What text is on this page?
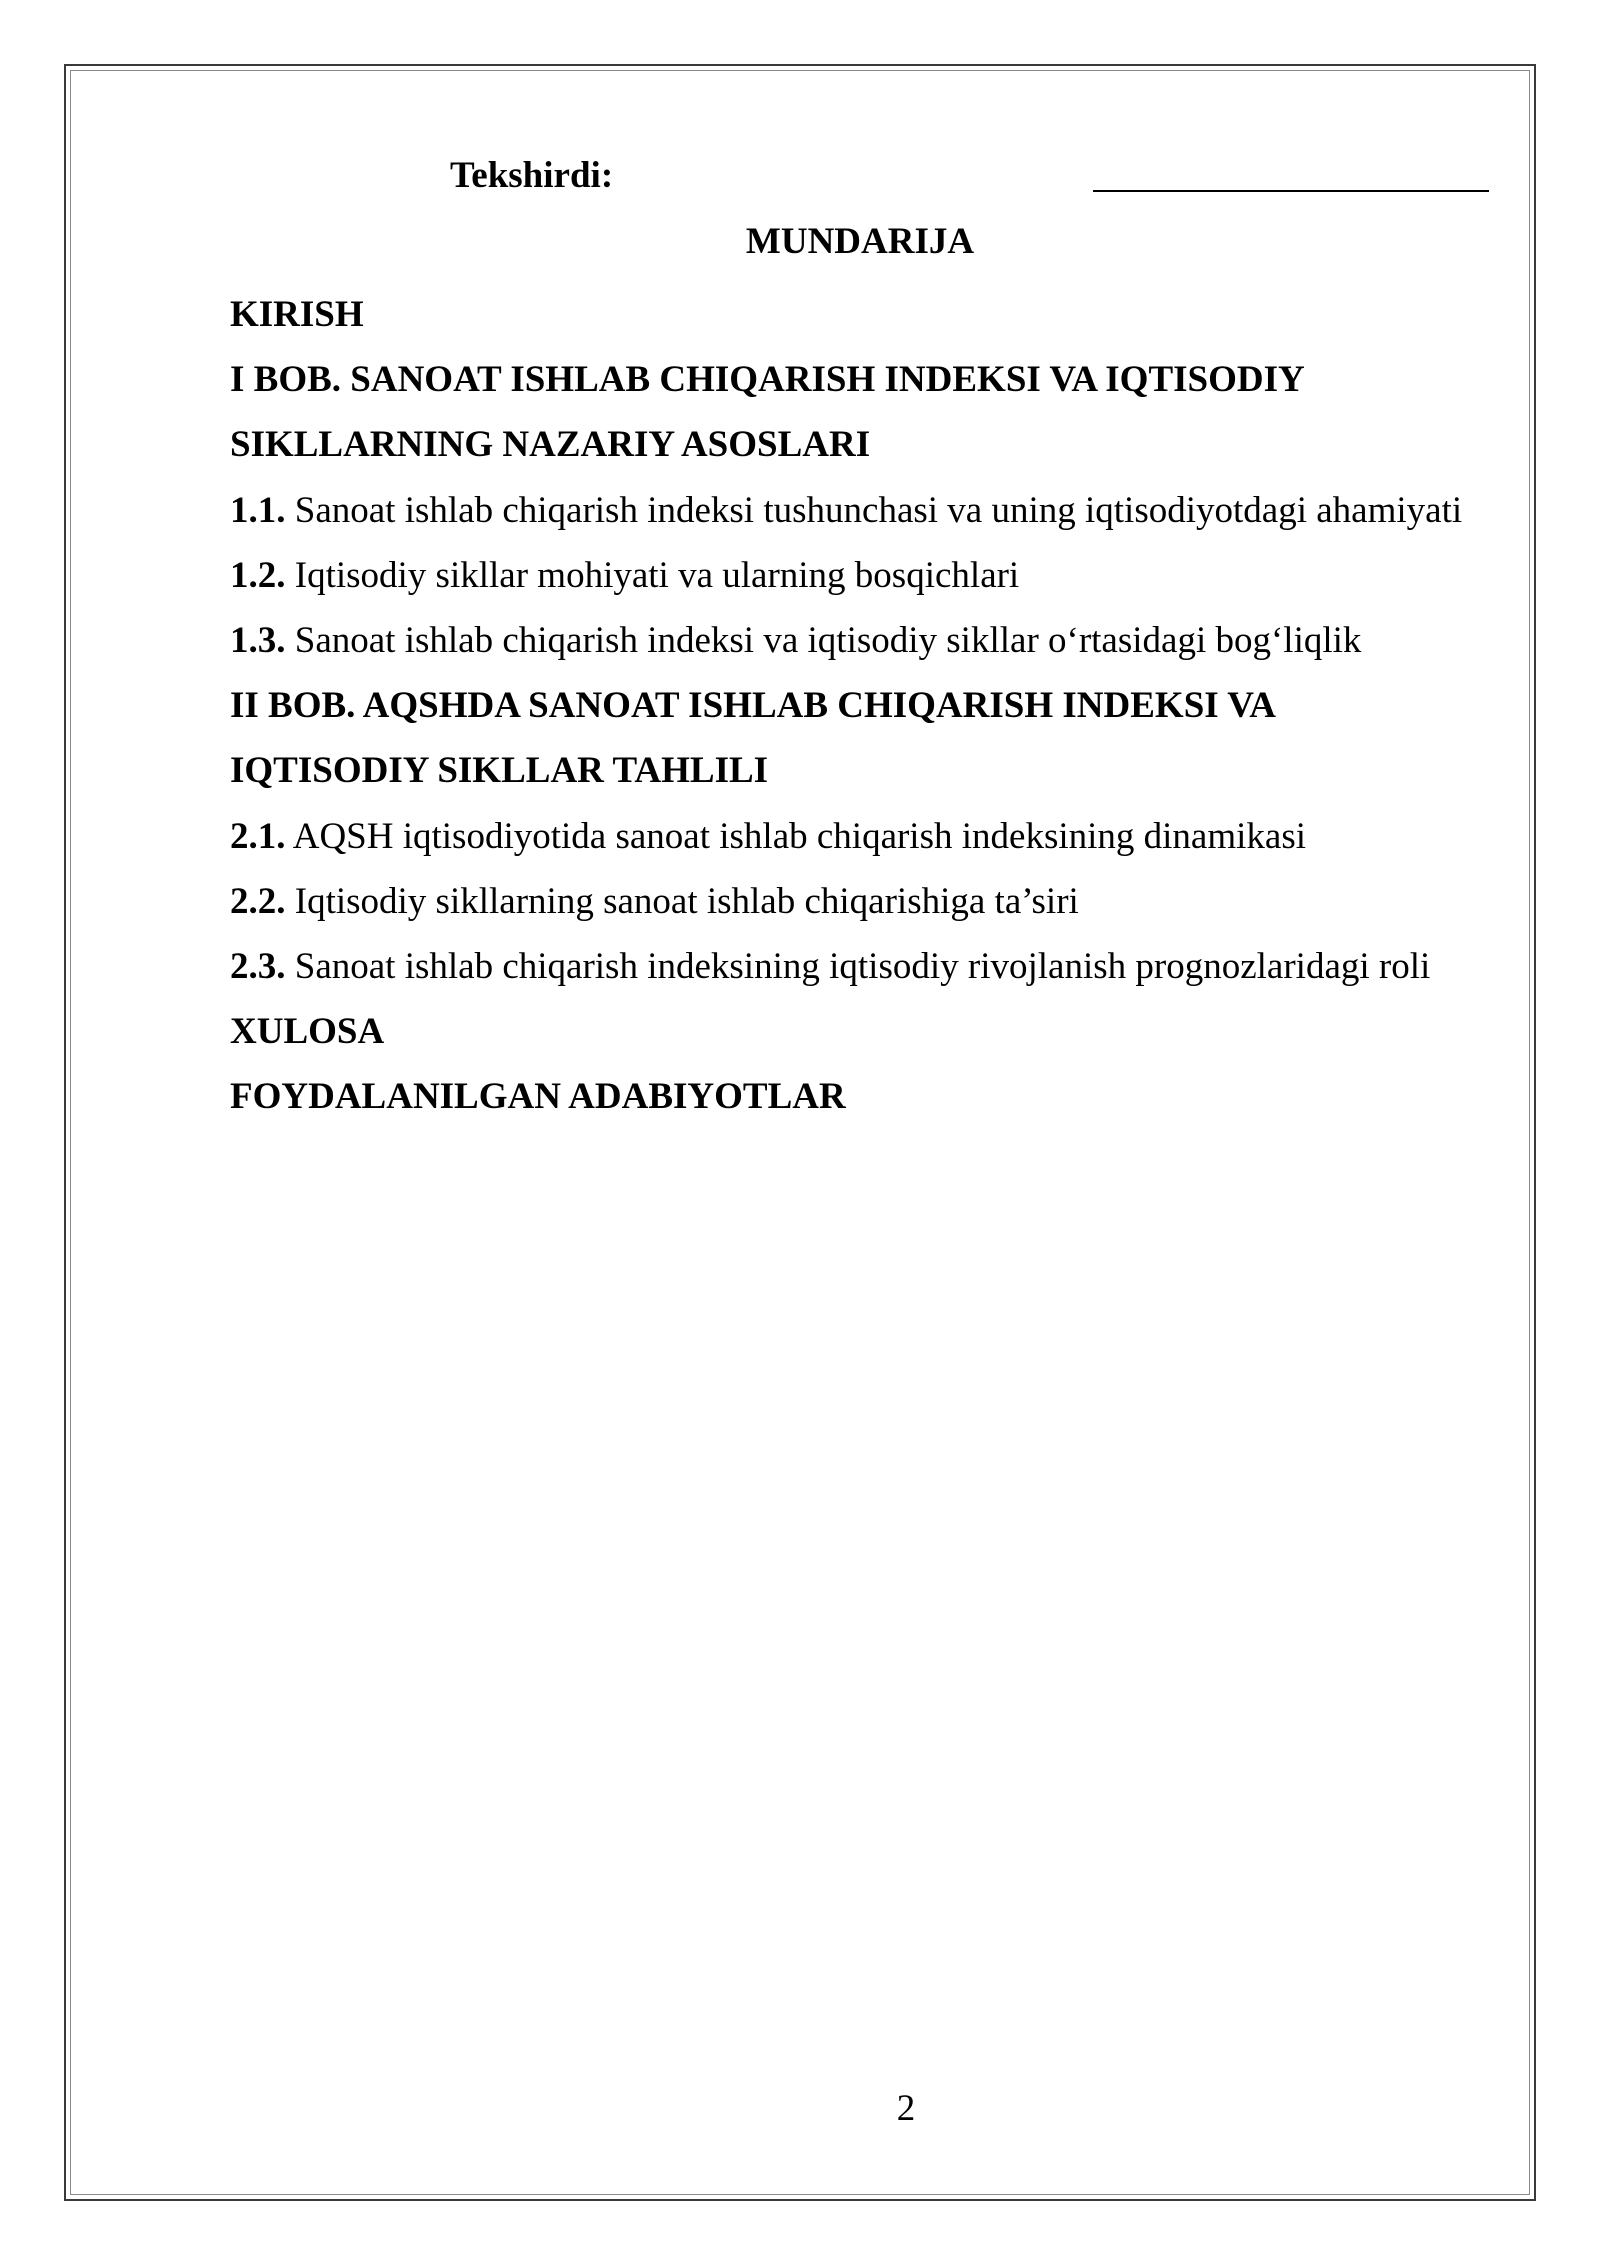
Tekshirdi:
MUNDARIJA
KIRISH
I BOB. SANOAT ISHLAB CHIQARISH INDEKSI VA IQTISODIY
SIKLLARNING NAZARIY ASOSLARI
1.1. Sanoat ishlab chiqarish indeksi tushunchasi va uning iqtisodiyotdagi ahamiyati
1.2. Iqtisodiy sikllar mohiyati va ularning bosqichlari
1.3. Sanoat ishlab chiqarish indeksi va iqtisodiy sikllar o‘rtasidagi bog‘liqlik
II BOB. AQSHDA SANOAT ISHLAB CHIQARISH INDEKSI VA
IQTISODIY SIKLLAR TAHLILI
2.1. AQSH iqtisodiyotida sanoat ishlab chiqarish indeksining dinamikasi
2.2. Iqtisodiy sikllarning sanoat ishlab chiqarishiga ta’siri
2.3. Sanoat ishlab chiqarish indeksining iqtisodiy rivojlanish prognozlaridagi roli
XULOSA
FOYDALANILGAN ADABIYOTLAR
2
